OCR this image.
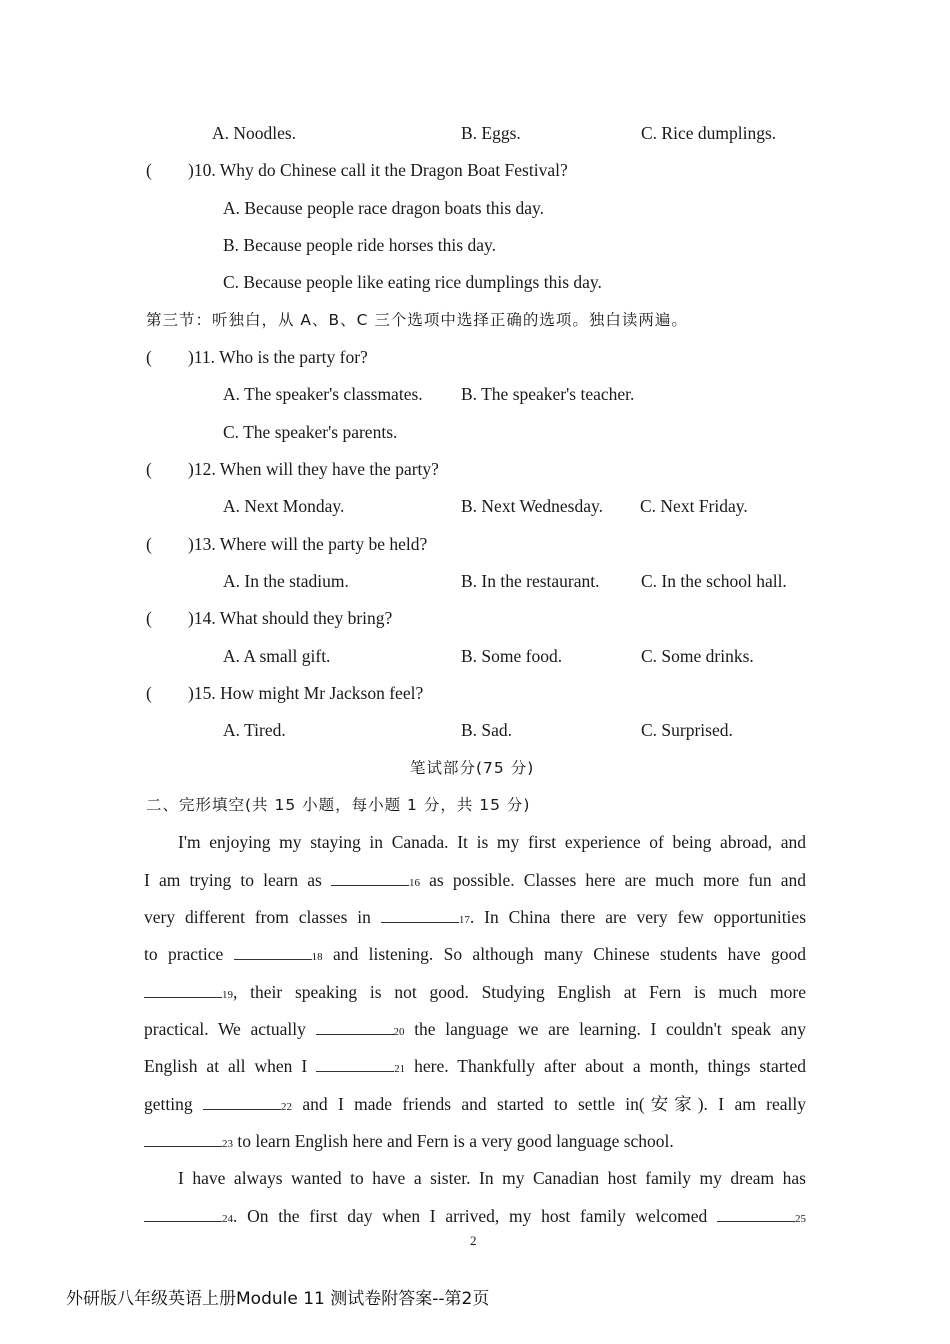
A. Noodles.	B. Eggs.	C. Rice dumplings.
( )10. Why do Chinese call it the Dragon Boat Festival?
A. Because people race dragon boats this day.
B. Because people ride horses this day.
C. Because people like eating rice dumplings this day.
第三节：听独白，从 A、B、C 三个选项中选择正确的选项。独白读两遍。
( )11. Who is the party for?
A. The speaker's classmates. B. The speaker's teacher.
C. The speaker's parents.
( )12. When will they have the party?
A. Next Monday.	B. Next Wednesday. C. Next Friday.
( )13. Where will the party be held?
A. In the stadium.	B. In the restaurant. C. In the school hall.
( )14. What should they bring?
A. A small gift.	B. Some food.	C. Some drinks.
( )15. How might Mr Jackson feel?
A. Tired.	B. Sad.	C. Surprised.
笔试部分(75 分)
二、完形填空(共 15 小题，每小题 1 分，共 15 分)
I'm enjoying my staying in Canada. It is my first experience of being abroad, and
I am trying to learn as	16 as possible. Classes here are much more fun and
very different from classes in	17. In China there are very few opportunities
to practice	18 and listening. So although many Chinese students have good
19, their speaking is not good. Studying English at Fern is much more
practical. We actually	20 the language we are learning. I couldn't speak any
English at all when I	21 here. Thankfully after about a month, things started
getting	22 and I made friends and started to settle in(安家). I am really
23 to learn English here and Fern is a very good language school.
I have always wanted to have a sister. In my Canadian host family my dream has
24. On the first day when I arrived, my host family welcomed	25
2
外研版八年级英语上册Module 11 测试卷附答案--第2页
